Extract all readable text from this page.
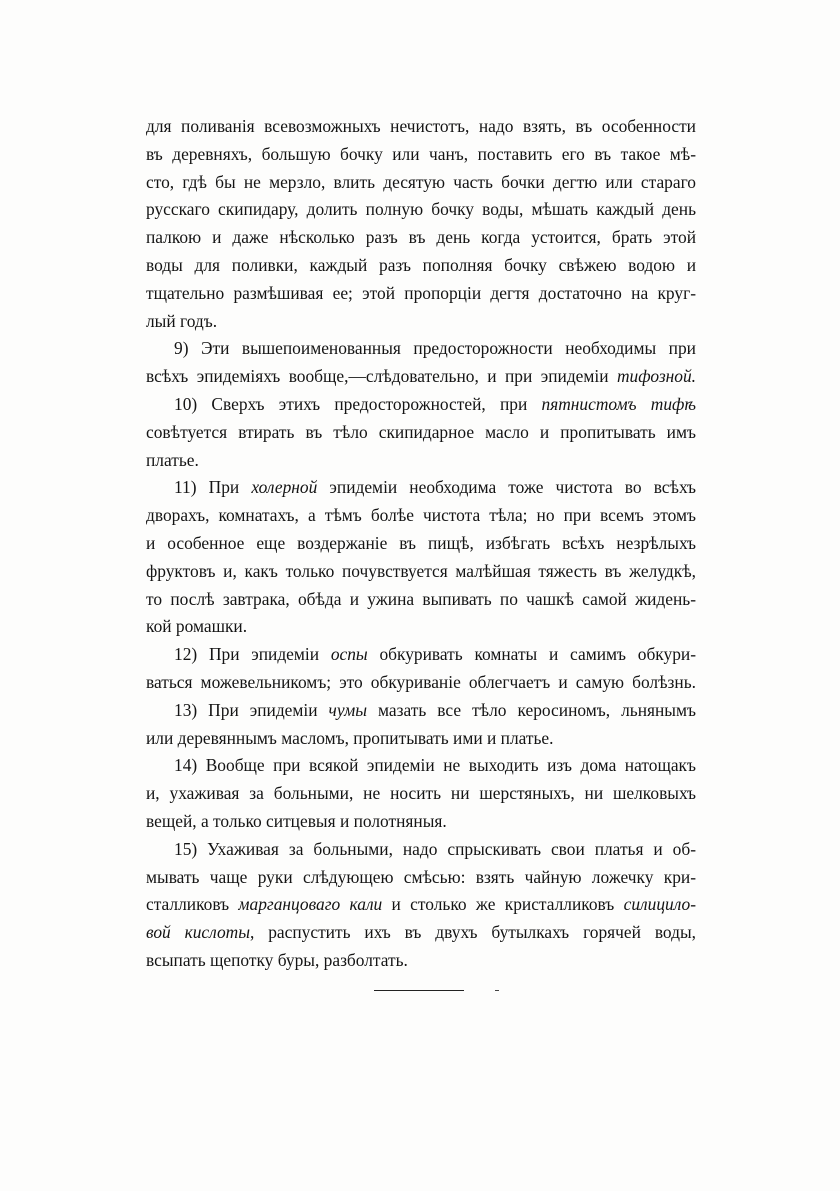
для поливанія всевозможныхъ нечистотъ, надо взять, въ особенности
въ деревняхъ, большую бочку или чанъ, поставить его въ такое мѣ-
сто, гдѣ бы не мерзло, влить десятую часть бочки дегтю или стараго
русскаго скипидару, долить полную бочку воды, мѣшать каждый день
палкою и даже нѣсколько разъ въ день когда устоится, брать этой
воды для поливки, каждый разъ пополняя бочку свѣжею водою и
тщательно размѣшивая ее; этой пропорціи дегтя достаточно на круг-
лый годъ.
9) Эти вышепоименованныя предосторожности необходимы при
всѣхъ эпидеміяхъ вообще,—слѣдовательно, и при эпидеміи тифозной.
10) Сверхъ этихъ предосторожностей, при пятнистомъ тифѣ
совѣтуется втирать въ тѣло скипидарное масло и пропитывать имъ
платье.
11) При холерной эпидеміи необходима тоже чистота во всѣхъ
дворахъ, комнатахъ, а тѣмъ болѣе чистота тѣла; но при всемъ этомъ
и особенное еще воздержаніе въ пищѣ, избѣгать всѣхъ незрѣлыхъ
фруктовъ и, какъ только почувствуется малѣйшая тяжесть въ желудкѣ,
то послѣ завтрака, обѣда и ужина выпивать по чашкѣ самой жидень-
кой ромашки.
12) При эпидеміи оспы обкуривать комнаты и самимъ обкури-
ваться можевельникомъ; это обкуриваніе облегчаетъ и самую болѣзнь.
13) При эпидеміи чумы мазать все тѣло керосиномъ, льнянымъ
или деревяннымъ масломъ, пропитывать ими и платье.
14) Вообще при всякой эпидеміи не выходить изъ дома натощакъ
и, ухаживая за больными, не носить ни шерстяныхъ, ни шелковыхъ
вещей, а только ситцевыя и полотняныя.
15) Ухаживая за больными, надо спрыскивать свои платья и об-
мывать чаще руки слѣдующею смѣсью: взять чайную ложечку кри-
сталликовъ марганцоваго кали и столько же кристалликовъ силицило-
вой кислоты, распустить ихъ въ двухъ бутылкахъ горячей воды,
всыпать щепотку буры, разболтать.
